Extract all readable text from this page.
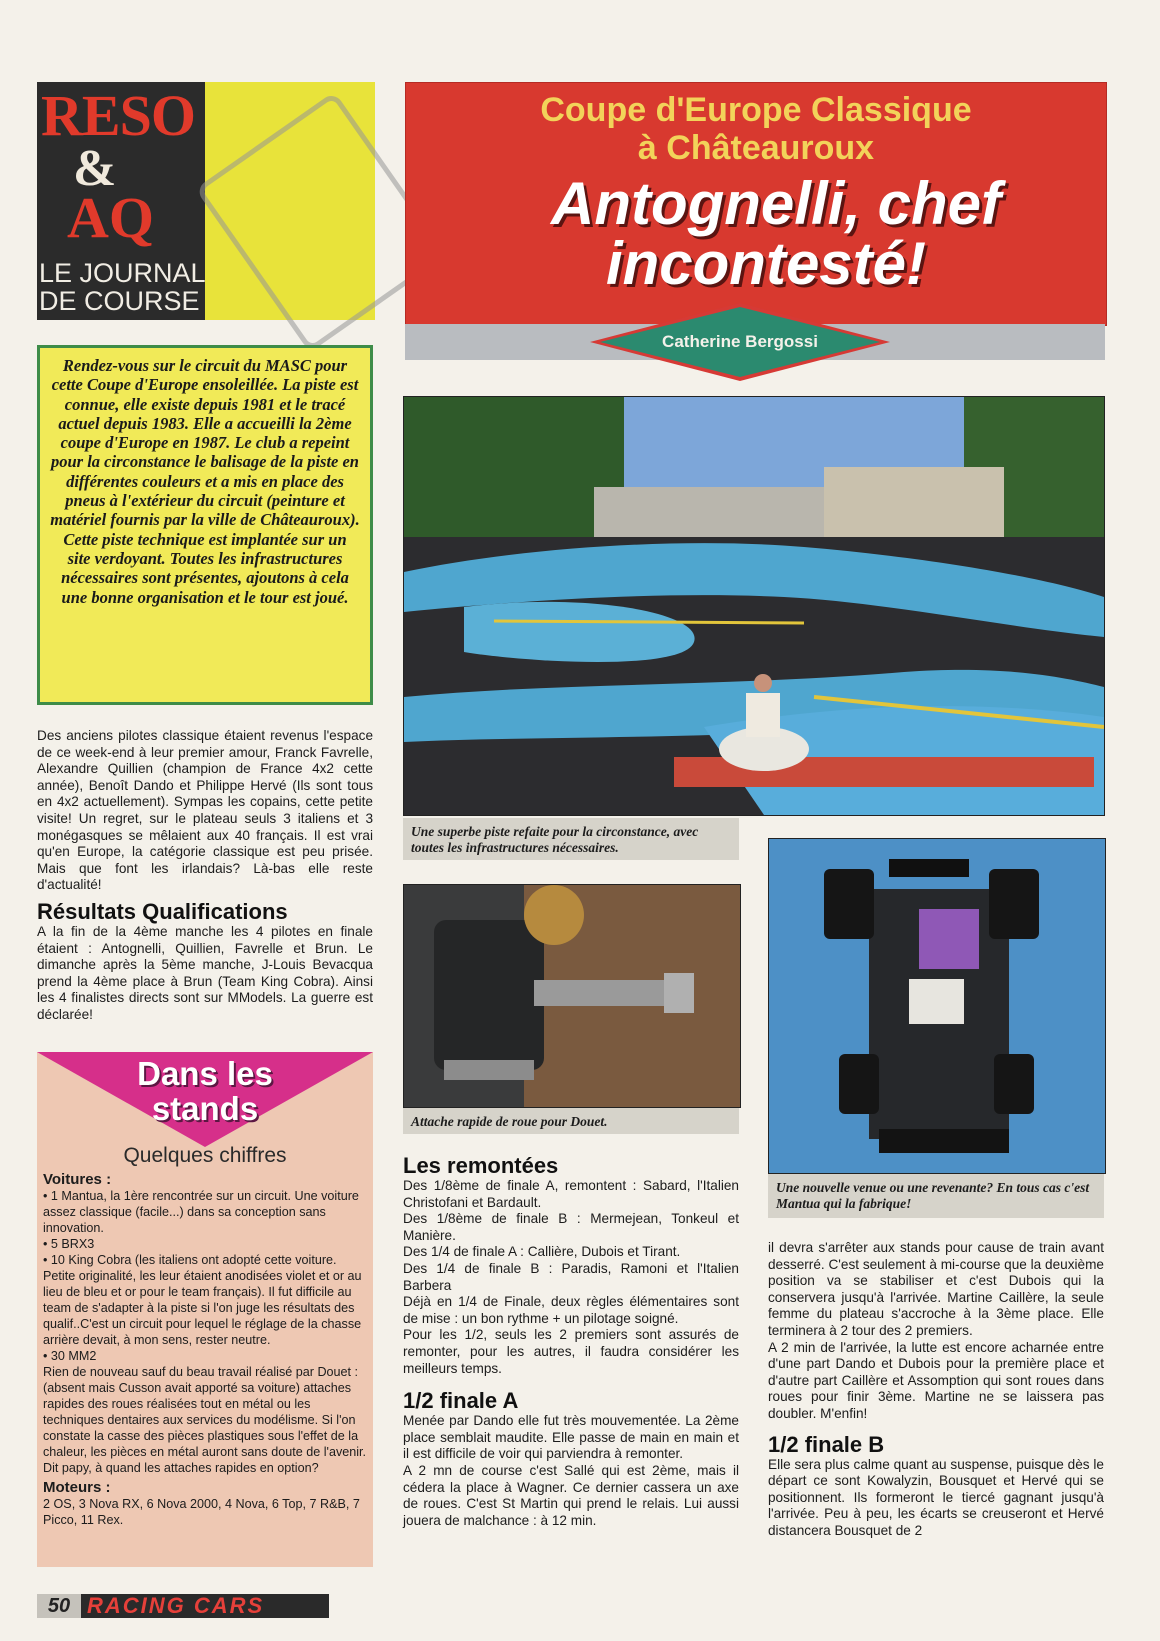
RESO
&
AQ
LE JOURNAL
DE COURSE
Coupe d'Europe Classique
à Châteauroux
Antognelli, chef
incontesté!
Catherine Bergossi

Rendez-vous sur le circuit du MASC pour cette Coupe d'Europe ensoleillée. La piste est connue, elle existe depuis 1981 et le tracé actuel depuis 1983. Elle a accueilli la 2ème coupe d'Europe en 1987. Le club a repeint pour la circonstance le balisage de la piste en différentes couleurs et a mis en place des pneus à l'extérieur du circuit (peinture et matériel fournis par la ville de Châteauroux). Cette piste technique est implantée sur un site verdoyant. Toutes les infrastructures nécessaires sont présentes, ajoutons à cela une bonne organisation et le tour est joué.

Des anciens pilotes classique étaient revenus l'espace de ce week-end à leur premier amour, Franck Favrelle, Alexandre Quillien (champion de France 4x2 cette année), Benoît Dando et Philippe Hervé (Ils sont tous en 4x2 actuellement). Sympas les copains, cette petite visite! Un regret, sur le plateau seuls 3 italiens et 3 monégasques se mêlaient aux 40 français. Il est vrai qu'en Europe, la catégorie classique est peu prisée. Mais que font les irlandais? Là-bas elle reste d'actualité!

Résultats Qualifications

A la fin de la 4ème manche les 4 pilotes en finale étaient : Antognelli, Quillien, Favrelle et Brun. Le dimanche après la 5ème manche, J-Louis Bevacqua prend la 4ème place à Brun (Team King Cobra). Ainsi les 4 finalistes directs sont sur MModels. La guerre est déclarée!

Dans les
stands
Quelques chiffres
Voitures :

• 1 Mantua, la 1ère rencontrée sur un circuit. Une voiture assez classique (facile...) dans sa conception sans innovation.

• 5 BRX3

• 10 King Cobra (les italiens ont adopté cette voiture. Petite originalité, les leur étaient anodisées violet et or au lieu de bleu et or pour le team français). Il fut difficile au team de s'adapter à la piste si l'on juge les résultats des qualif..C'est un circuit pour lequel le réglage de la chasse arrière devait, à mon sens, rester neutre.

• 30 MM2

Rien de nouveau sauf du beau travail réalisé par Douet : (absent mais Cusson avait apporté sa voiture) attaches rapides des roues réalisées tout en métal ou les techniques dentaires aux services du modélisme. Si l'on constate la casse des pièces plastiques sous l'effet de la chaleur, les pièces en métal auront sans doute de l'avenir. Dit papy, à quand les attaches rapides en option?

Moteurs :

2 OS, 3 Nova RX, 6 Nova 2000, 4 Nova, 6 Top, 7 R&B, 7 Picco, 11 Rex.

Une superbe piste refaite pour la circonstance, avec toutes les infrastructures nécessaires.
Attache rapide de roue pour Douet.
Une nouvelle venue ou une revenante? En tous cas c'est Mantua qui la fabrique!
Les remontées

Des 1/8ème de finale A, remontent : Sabard, l'Italien Christofani et Bardault.

Des 1/8ème de finale B : Mermejean, Tonkeul et Manière.

Des 1/4 de finale A : Callière, Dubois et Tirant.

Des 1/4 de finale B : Paradis, Ramoni et l'Italien Barbera

Déjà en 1/4 de Finale, deux règles élémentaires sont de mise : un bon rythme + un pilotage soigné.

Pour les 1/2, seuls les 2 premiers sont assurés de remonter, pour les autres, il faudra considérer les meilleurs temps.

1/2 finale A

Menée par Dando elle fut très mouvementée. La 2ème place semblait maudite. Elle passe de main en main et il est difficile de voir qui parviendra à remonter.

A 2 mn de course c'est Sallé qui est 2ème, mais il cédera la place à Wagner. Ce dernier cassera un axe de roues. C'est St Martin qui prend le relais. Lui aussi jouera de malchance : à 12 min.

il devra s'arrêter aux stands pour cause de train avant desserré. C'est seulement à mi-course que la deuxième position va se stabiliser et c'est Dubois qui la conservera jusqu'à l'arrivée. Martine Caillère, la seule femme du plateau s'accroche à la 3ème place. Elle terminera à 2 tour des 2 premiers.

A 2 min de l'arrivée, la lutte est encore acharnée entre d'une part Dando et Dubois pour la première place et d'autre part Caillère et Assomption qui sont roues dans roues pour finir 3ème. Martine ne se laissera pas doubler. M'enfin!

1/2 finale B

Elle sera plus calme quant au suspense, puisque dès le départ ce sont Kowalyzin, Bousquet et Hervé qui se positionnent. Ils formeront le tiercé gagnant jusqu'à l'arrivée. Peu à peu, les écarts se creuseront et Hervé distancera Bousquet de 2

50 RACING CARS
